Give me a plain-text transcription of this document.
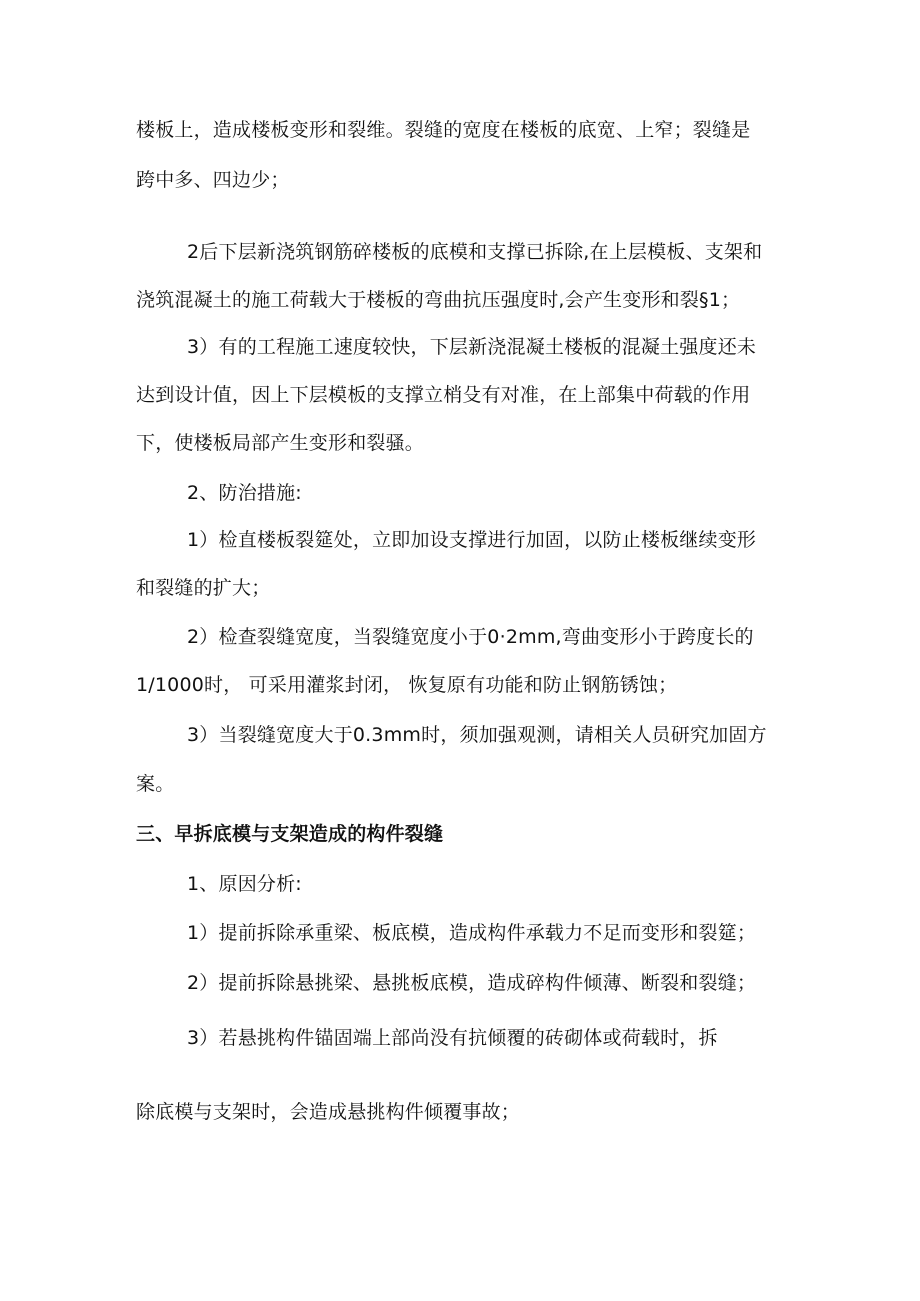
楼板上，造成楼板变形和裂维。裂缝的宽度在楼板的底宽、上窄；裂缝是
跨中多、四边少；
2后下层新浇筑钢筋碎楼板的底模和支撑已拆除,在上层模板、支架和
浇筑混凝土的施工荷载大于楼板的弯曲抗压强度时,会产生变形和裂§1；
3）有的工程施工速度较快，下层新浇混凝土楼板的混凝土强度还未
达到设计值，因上下层模板的支撑立梢殳有对准，在上部集中荷载的作用
下，使楼板局部产生变形和裂骚。
2、防治措施:
1）检直楼板裂筵处，立即加设支撑进行加固，以防止楼板继续变形
和裂缝的扩大；
2）检查裂缝宽度，当裂缝宽度小于0·2mm,弯曲变形小于跨度长的
1/1000时， 可采用灌浆封闭， 恢复原有功能和防止钢筋锈蚀；
3）当裂缝宽度大于0.3mm时，须加强观测，请相关人员研究加固方
案。
三、早拆底模与支架造成的构件裂缝
1、原因分析:
1）提前拆除承重梁、板底模，造成构件承载力不足而变形和裂筵；
2）提前拆除悬挑梁、悬挑板底模，造成碎构件倾薄、断裂和裂缝；
3）若悬挑构件锚固端上部尚没有抗倾覆的砖砌体或荷载时，拆
除底模与支架时，会造成悬挑构件倾覆事故；
